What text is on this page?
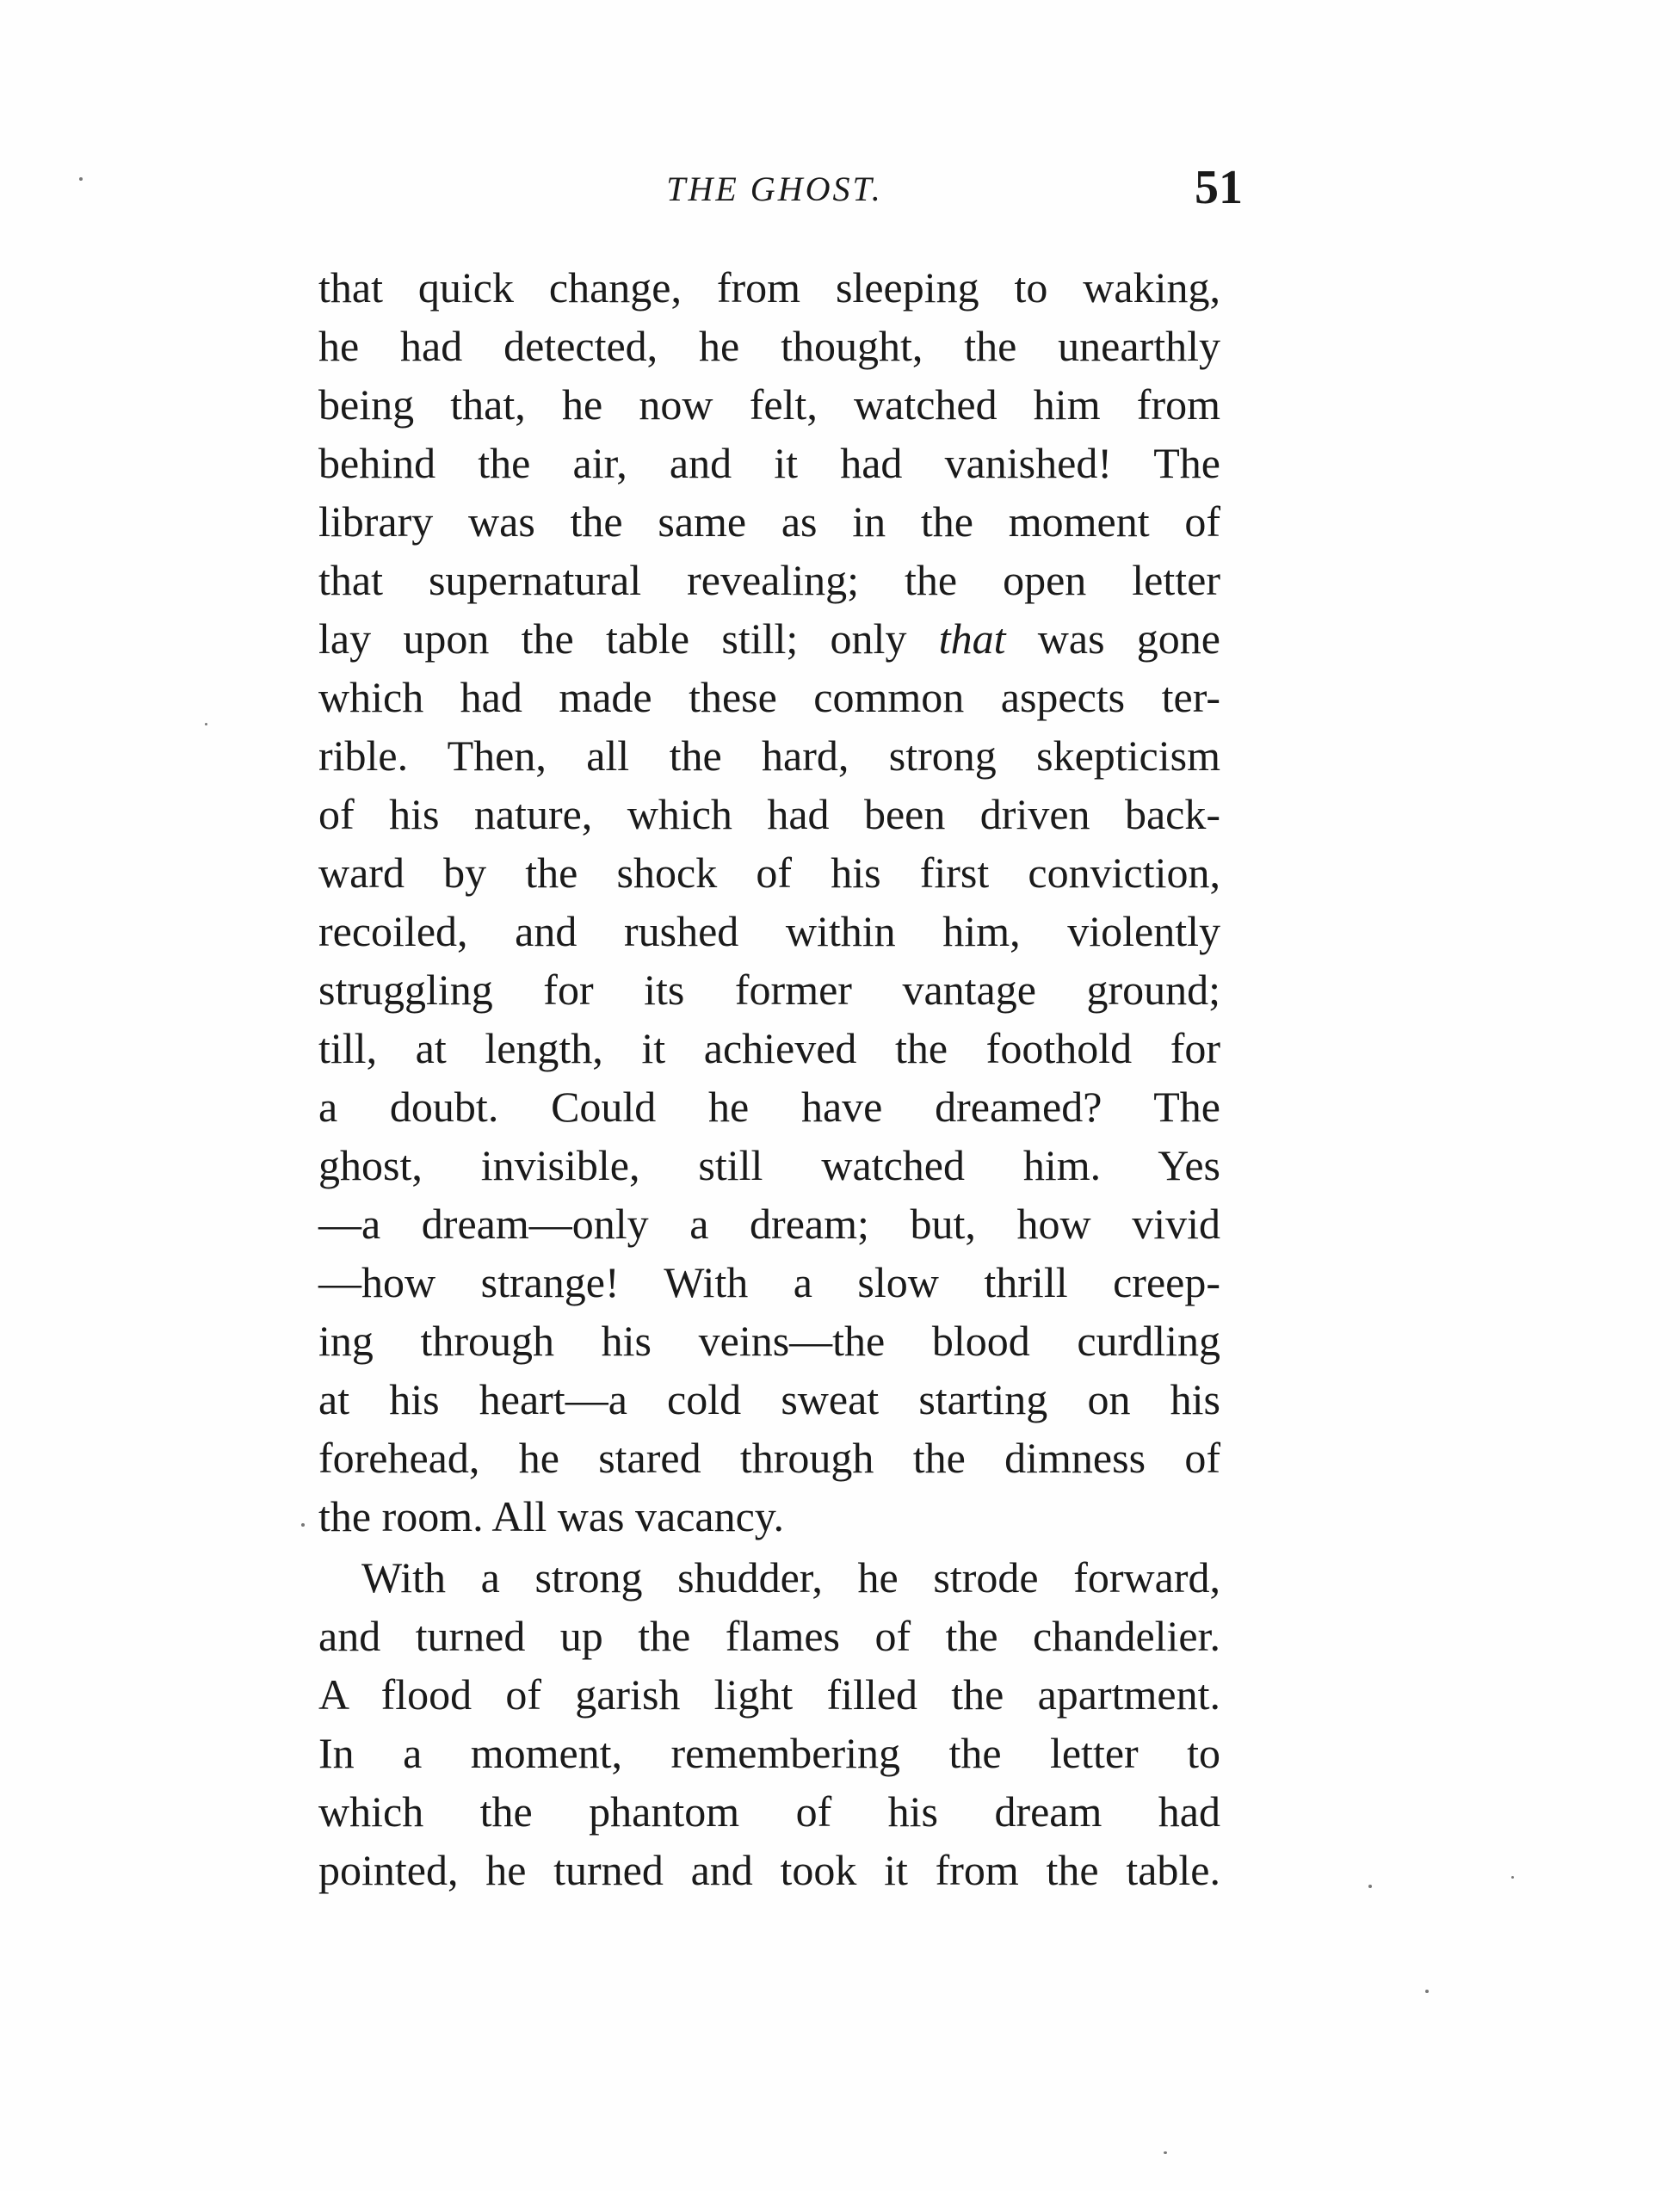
THE GHOST.	51
that quick change, from sleeping to waking,
he had detected, he thought, the unearthly
being that, he now felt, watched him from
behind the air, and it had vanished! The
library was the same as in the moment of
that supernatural revealing; the open letter
lay upon the table still; only that was gone
which had made these common aspects ter-
rible. Then, all the hard, strong skepticism
of his nature, which had been driven back-
ward by the shock of his first conviction,
recoiled, and rushed within him, violently
struggling for its former vantage ground;
till, at length, it achieved the foothold for
a doubt. Could he have dreamed? The
ghost, invisible, still watched him. Yes
—a dream—only a dream; but, how vivid
—how strange! With a slow thrill creep-
ing through his veins—the blood curdling
at his heart—a cold sweat starting on his
forehead, he stared through the dimness of
the room. All was vacancy.
With a strong shudder, he strode forward,
and turned up the flames of the chandelier.
A flood of garish light filled the apartment.
In a moment, remembering the letter to
which the phantom of his dream had
pointed, he turned and took it from the table.
